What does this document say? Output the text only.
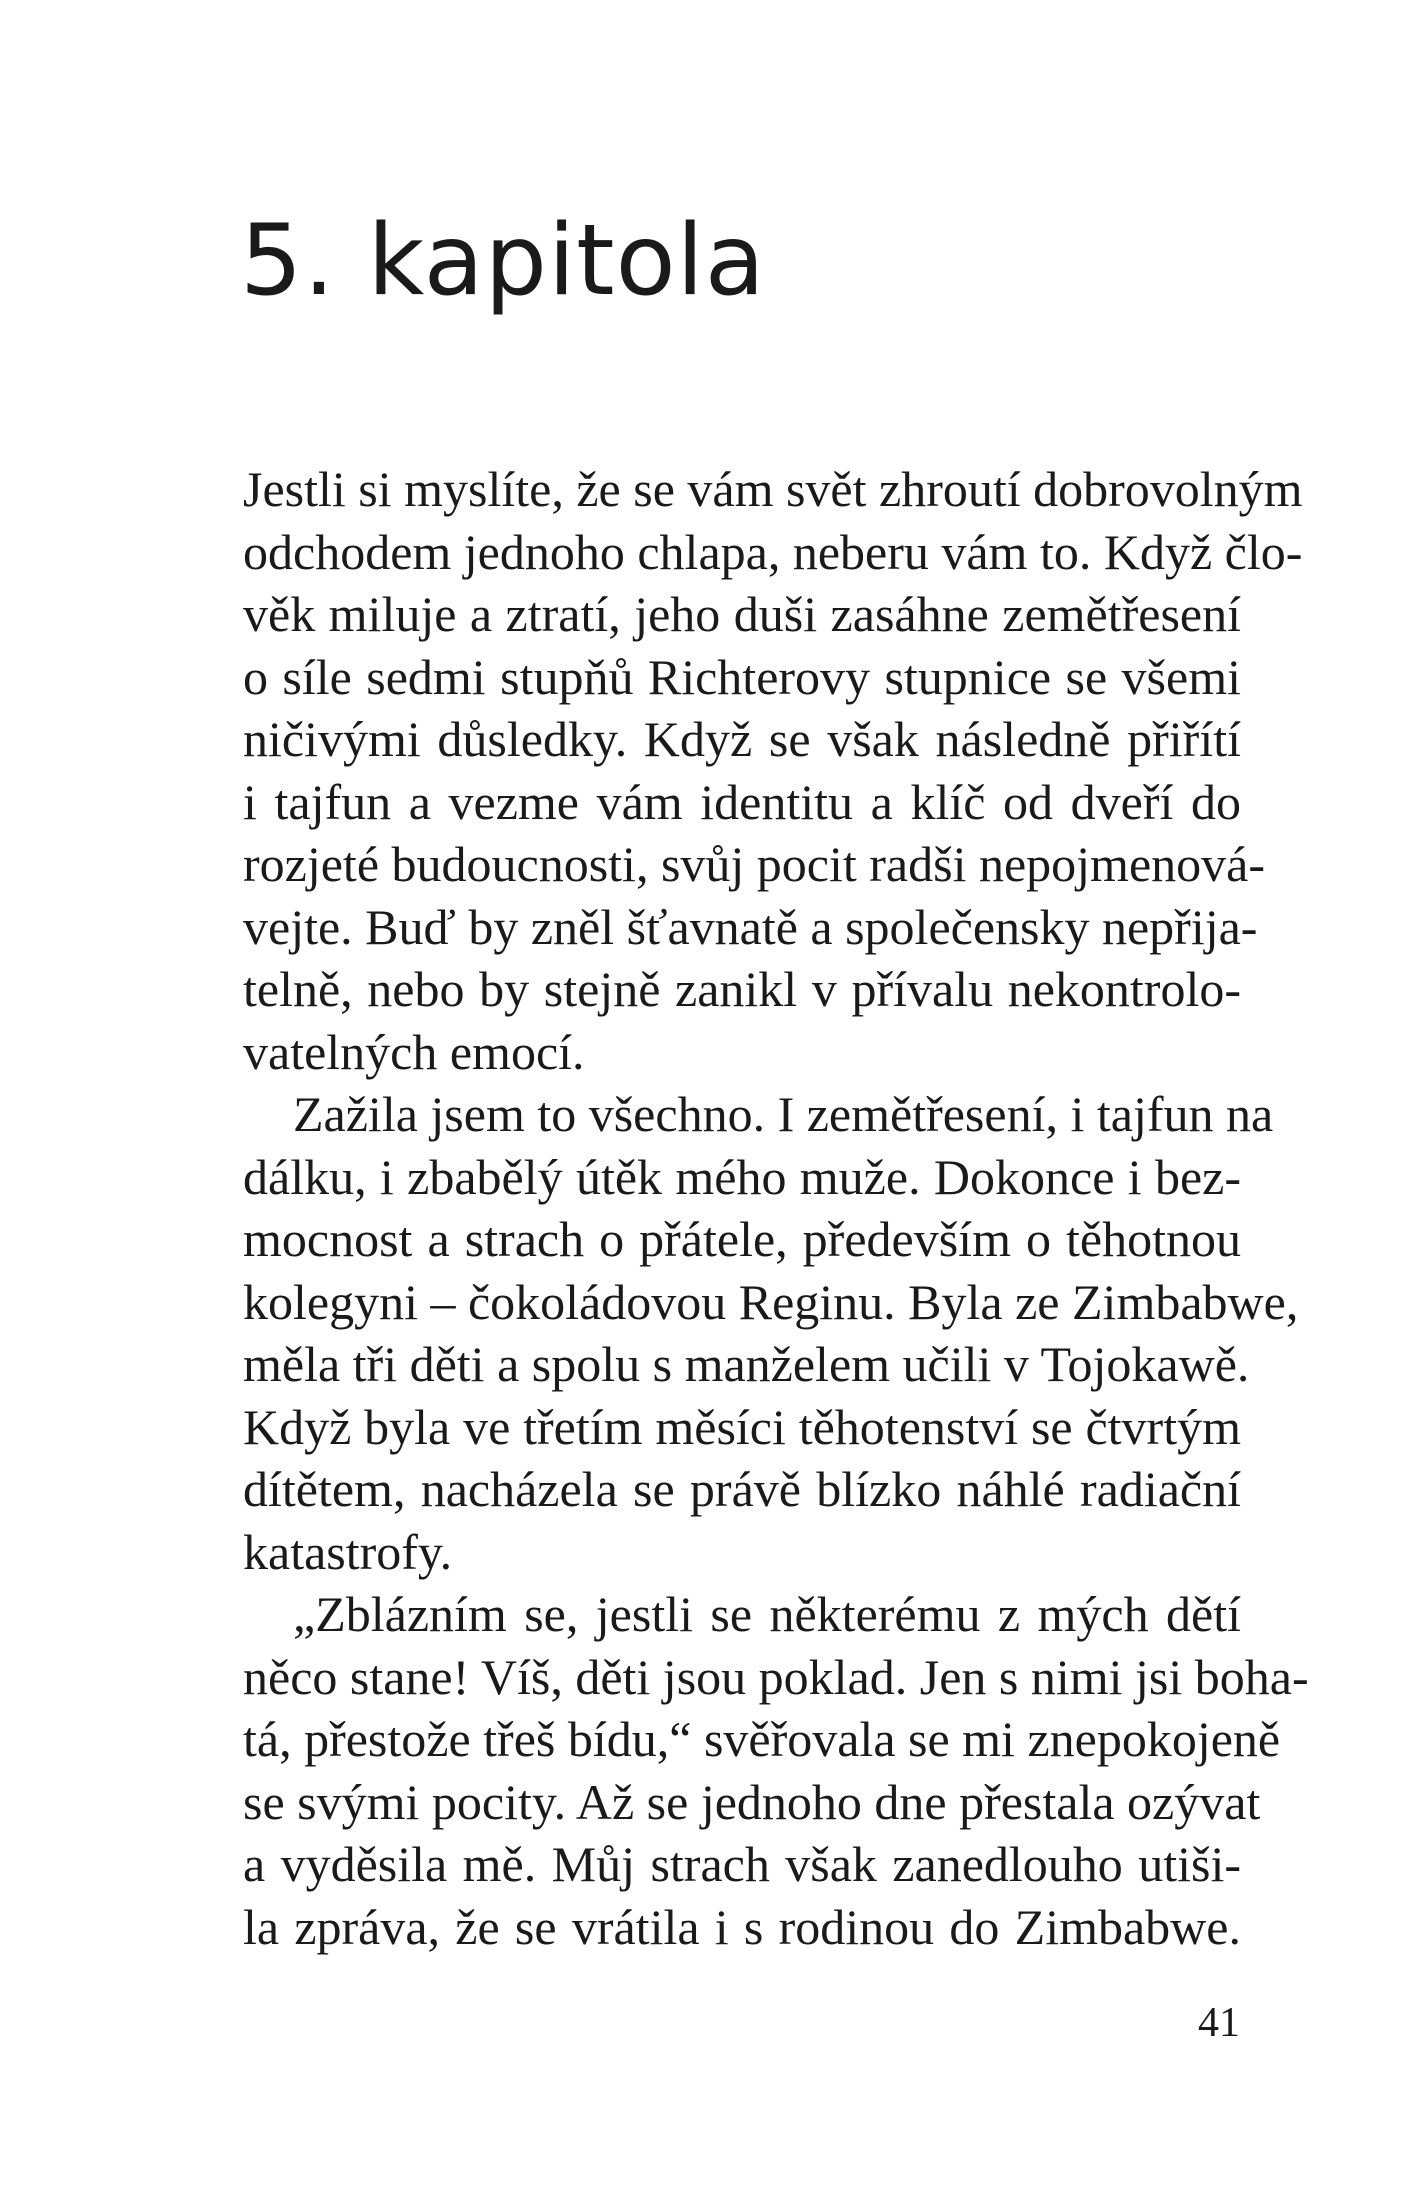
5. kapitola

Jestli si myslíte, že se vám svět zhroutí dobrovolným
odchodem jednoho chlapa, neberu vám to. Když člo-
věk miluje a ztratí, jeho duši zasáhne zemětřesení
o síle sedmi stupňů Richterovy stupnice se všemi
ničivými důsledky. Když se však následně přiřítí
i tajfun a vezme vám identitu a klíč od dveří do
rozjeté budoucnosti, svůj pocit radši nepojmenová-
vejte. Buď by zněl šťavnatě a společensky nepřija-
telně, nebo by stejně zanikl v přívalu nekontrolo-
vatelných emocí.

Zažila jsem to všechno. I zemětřesení, i tajfun na
dálku, i zbabělý útěk mého muže. Dokonce i bez-
mocnost a strach o přátele, především o těhotnou
kolegyni – čokoládovou Reginu. Byla ze Zimbabwe,
měla tři děti a spolu s manželem učili v Tojokawě.
Když byla ve třetím měsíci těhotenství se čtvrtým
dítětem, nacházela se právě blízko náhlé radiační
katastrofy.

„Zblázním se, jestli se některému z mých dětí
něco stane! Víš, děti jsou poklad. Jen s nimi jsi boha-
tá, přestože třeš bídu,“ svěřovala se mi znepokojeně
se svými pocity. Až se jednoho dne přestala ozývat
a vyděsila mě. Můj strach však zanedlouho utiši-
la zpráva, že se vrátila i s rodinou do Zimbabwe.

41
